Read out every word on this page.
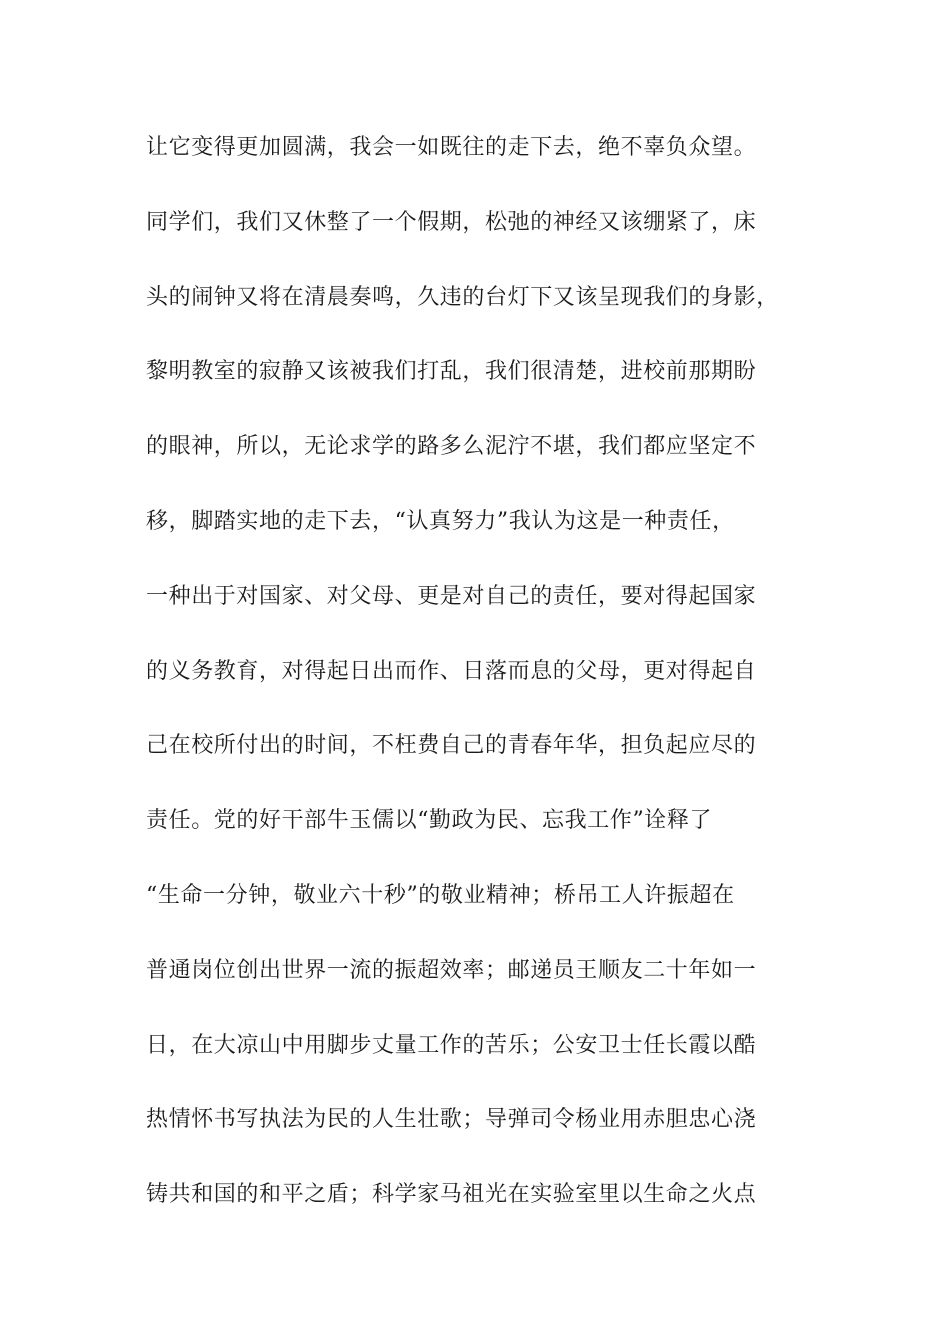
让它变得更加圆满，我会一如既往的走下去，绝不辜负众望。
同学们，我们又休整了一个假期，松弛的神经又该绷紧了，床
头的闹钟又将在清晨奏鸣，久违的台灯下又该呈现我们的身影，
黎明教室的寂静又该被我们打乱，我们很清楚，进校前那期盼
的眼神，所以，无论求学的路多么泥泞不堪，我们都应坚定不
移，脚踏实地的走下去，“认真努力”我认为这是一种责任，
一种出于对国家、对父母、更是对自己的责任，要对得起国家
的义务教育，对得起日出而作、日落而息的父母，更对得起自
己在校所付出的时间，不枉费自己的青春年华，担负起应尽的
责任。党的好干部牛玉儒以“勤政为民、忘我工作”诠释了
“生命一分钟，敬业六十秒”的敬业精神；桥吊工人许振超在
普通岗位创出世界一流的振超效率；邮递员王顺友二十年如一
日，在大凉山中用脚步丈量工作的苦乐；公安卫士任长霞以酷
热情怀书写执法为民的人生壮歌；导弹司令杨业用赤胆忠心浇
铸共和国的和平之盾；科学家马祖光在实验室里以生命之火点
